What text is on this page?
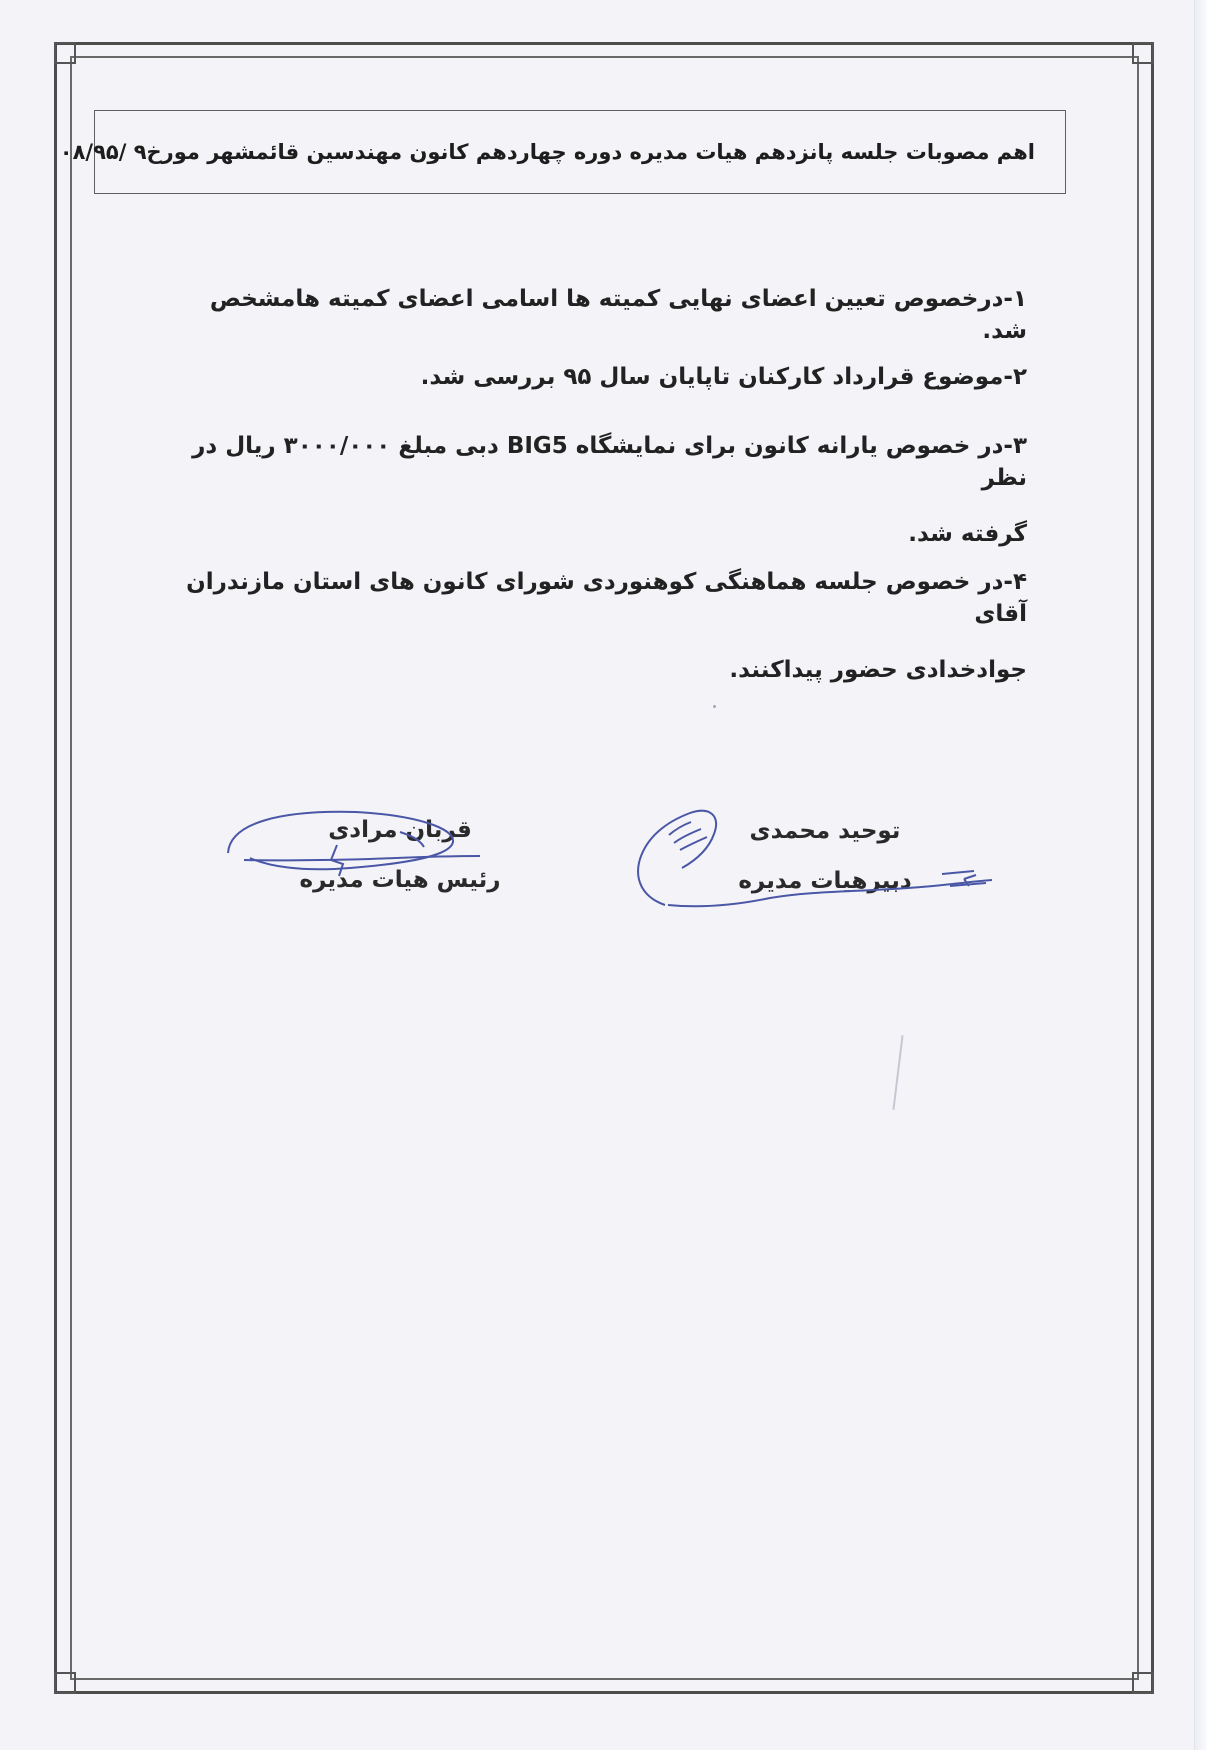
اهم مصوبات جلسه پانزدهم هیات مدیره دوره چهاردهم کانون مهندسین قائمشهر مورخ۹ /۰۸/۹۵
۱-درخصوص تعیین اعضای نهایی کمیته ها اسامی اعضای کمیته هامشخص شد.
۲-موضوع قرارداد کارکنان تاپایان سال ۹۵ بررسی شد.
۳-در خصوص یارانه کانون برای نمایشگاه BIG5 دبی مبلغ ۳۰۰۰/۰۰۰ ریال در نظر
گرفته شد.
۴-در خصوص جلسه هماهنگی کوهنوردی شورای کانون های استان مازندران آقای
جوادخدادی حضور پیداکنند.
قربان مرادی
رئیس هیات مدیره
توحید محمدی
دبیرهیات مدیره
